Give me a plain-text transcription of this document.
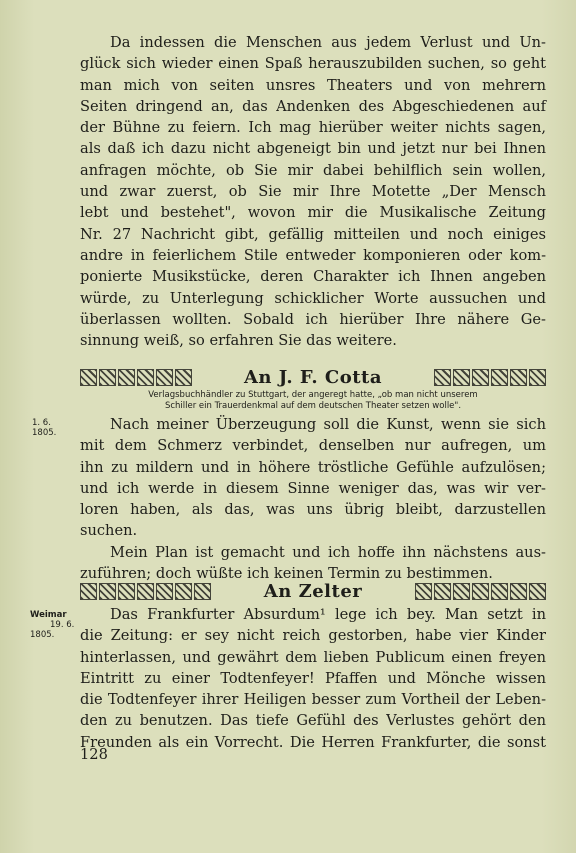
Da indessen die Menschen aus jedem Verlust und Un-
glück sich wieder einen Spaß herauszubilden suchen, so geht
man mich von seiten unsres Theaters und von mehrern
Seiten dringend an, das Andenken des Abgeschiedenen auf
der Bühne zu feiern. Ich mag hierüber weiter nichts sagen,
als daß ich dazu nicht abgeneigt bin und jetzt nur bei Ihnen
anfragen möchte, ob Sie mir dabei behilflich sein wollen,
und zwar zuerst, ob Sie mir Ihre Motette „Der Mensch
lebt und bestehet", wovon mir die Musikalische Zeitung
Nr. 27 Nachricht gibt, gefällig mitteilen und noch einiges
andre in feierlichem Stile entweder komponieren oder kom-
ponierte Musikstücke, deren Charakter ich Ihnen angeben
würde, zu Unterlegung schicklicher Worte aussuchen und
überlassen wollten. Sobald ich hierüber Ihre nähere Ge-
sinnung weiß, so erfahren Sie das weitere.
An J. F. Cotta
Verlagsbuchhändler zu Stuttgart, der angeregt hatte, „ob man nicht unserem
Schiller ein Trauerdenkmal auf dem deutschen Theater setzen wolle".
1. 6.
1805.	Nach meiner Überzeugung soll die Kunst, wenn sie sich
mit dem Schmerz verbindet, denselben nur aufregen, um
ihn zu mildern und in höhere tröstliche Gefühle aufzulösen;
und ich werde in diesem Sinne weniger das, was wir ver-
loren haben, als das, was uns übrig bleibt, darzustellen
suchen.
Mein Plan ist gemacht und ich hoffe ihn nächstens aus-
zuführen; doch wüßte ich keinen Termin zu bestimmen.
An Zelter
Weimar
19. 6.
1805.
Das Frankfurter Absurdum¹ lege ich bey. Man setzt in
die Zeitung: er sey nicht reich gestorben, habe vier Kinder
hinterlassen, und gewährt dem lieben Publicum einen freyen
Eintritt zu einer Todtenfeyer! Pfaffen und Mönche wissen
die Todtenfeyer ihrer Heiligen besser zum Vortheil der Leben-
den zu benutzen. Das tiefe Gefühl des Verlustes gehört den
Freunden als ein Vorrecht. Die Herren Frankfurter, die sonst
128
